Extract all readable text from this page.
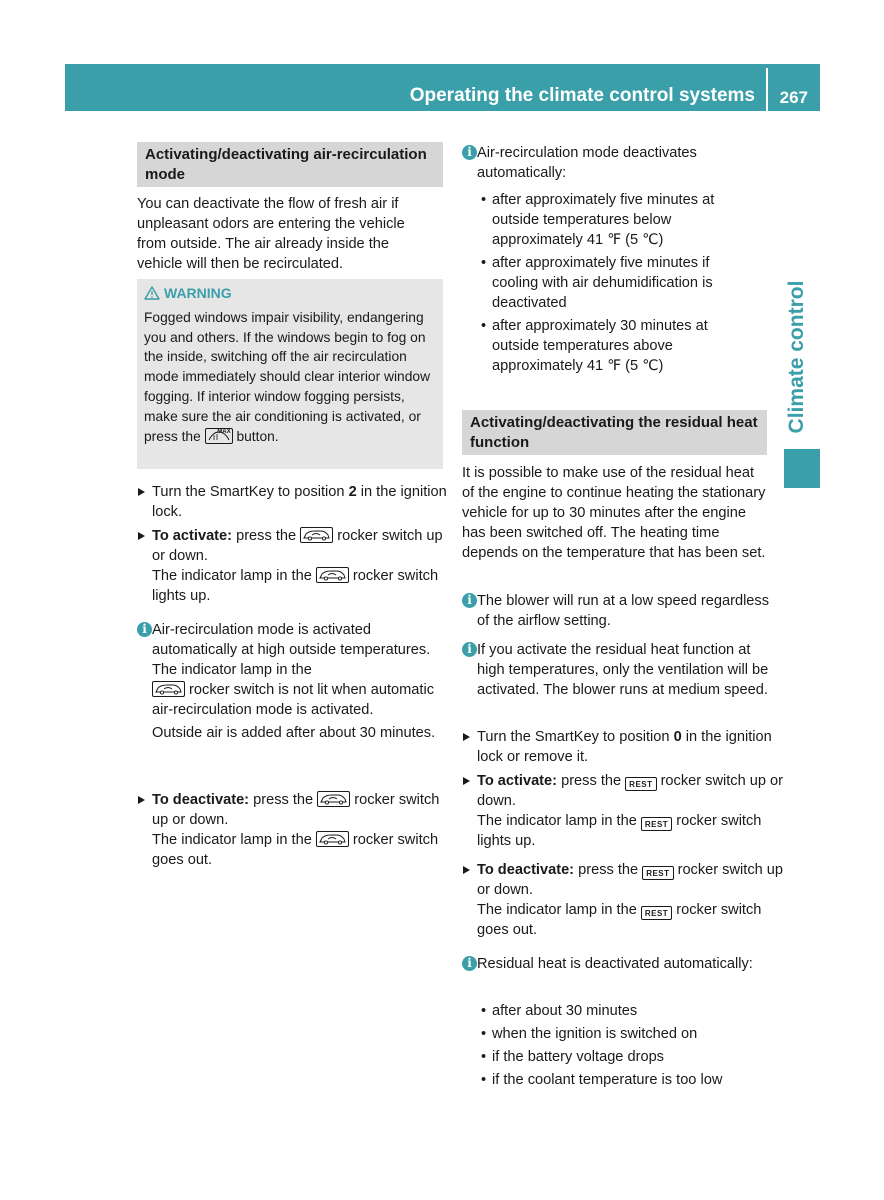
Operating the climate control systems 267
Climate control
Activating/deactivating air-recirculation mode
You can deactivate the flow of fresh air if unpleasant odors are entering the vehicle from outside. The air already inside the vehicle will then be recirculated.
WARNING
Fogged windows impair visibility, endangering you and others. If the windows begin to fog on the inside, switching off the air recirculation mode immediately should clear interior window fogging. If interior window fogging persists, make sure the air conditioning is activated, or press the	MAX button.
Turn the SmartKey to position 2 in the ignition lock.
To activate: press the  rocker switch up or down.
The indicator lamp in the  rocker switch lights up.
i Air-recirculation mode is activated automatically at high outside temperatures. The indicator lamp in the
rocker switch is not lit when automatic air-recirculation mode is activated.
Outside air is added after about 30 minutes.
To deactivate: press the  rocker switch up or down.
The indicator lamp in the  rocker switch goes out.
i Air-recirculation mode deactivates automatically:
• after approximately five minutes at outside temperatures below approximately 41 ℉ (5 ℃)
• after approximately five minutes if cooling with air dehumidification is deactivated
• after approximately 30 minutes at outside temperatures above approximately 41 ℉ (5 ℃)
Activating/deactivating the residual heat function
It is possible to make use of the residual heat of the engine to continue heating the stationary vehicle for up to 30 minutes after the engine has been switched off. The heating time depends on the temperature that has been set.
i The blower will run at a low speed regardless of the airflow setting.
i If you activate the residual heat function at high temperatures, only the ventilation will be activated. The blower runs at medium speed.
Turn the SmartKey to position 0 in the ignition lock or remove it.
To activate: press the REST rocker switch up or down.
The indicator lamp in the REST rocker switch lights up.
To deactivate: press the REST rocker switch up or down.
The indicator lamp in the REST rocker switch goes out.
i Residual heat is deactivated automatically:
• after about 30 minutes
• when the ignition is switched on
• if the battery voltage drops
• if the coolant temperature is too low
